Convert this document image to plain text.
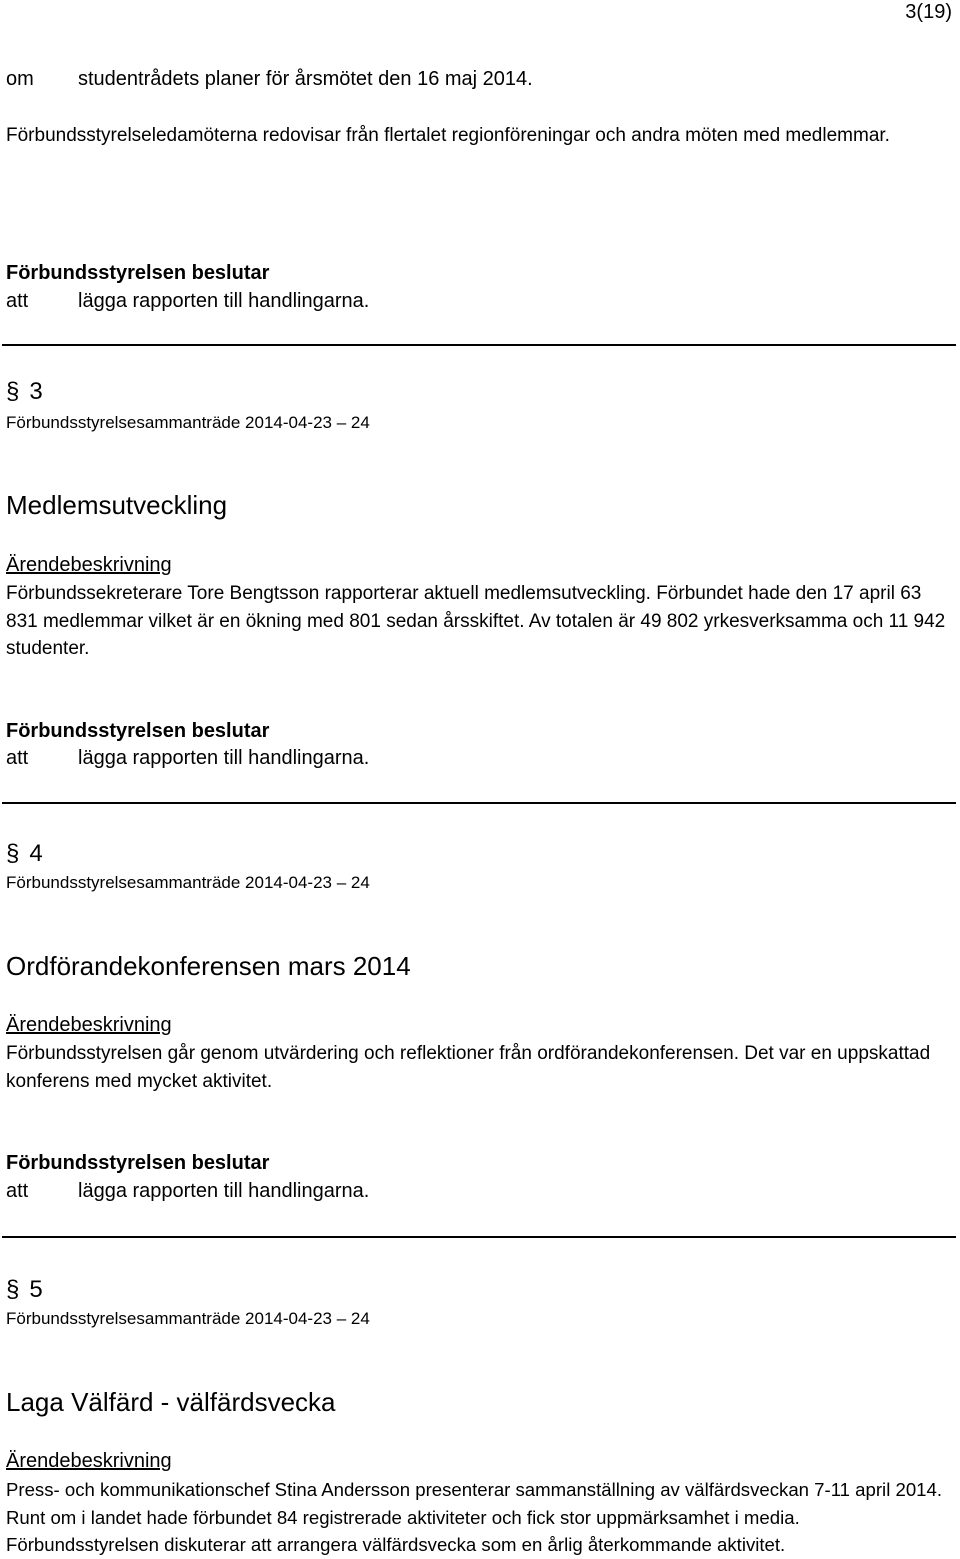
3(19)
om studentrådets planer för årsmötet den 16 maj 2014.
Förbundsstyrelseledamöterna redovisar från flertalet regionföreningar och andra möten med medlemmar.
Förbundsstyrelsen beslutar
att lägga rapporten till handlingarna.
§ 3
Förbundsstyrelsesammanträde 2014-04-23 – 24
Medlemsutveckling
Ärendebeskrivning
Förbundssekreterare Tore Bengtsson rapporterar aktuell medlemsutveckling. Förbundet hade den 17 april 63 831 medlemmar vilket är en ökning med 801 sedan årsskiftet. Av totalen är 49 802 yrkesverksamma och 11 942 studenter.
Förbundsstyrelsen beslutar
att lägga rapporten till handlingarna.
§ 4
Förbundsstyrelsesammanträde 2014-04-23 – 24
Ordförandekonferensen mars 2014
Ärendebeskrivning
Förbundsstyrelsen går genom utvärdering och reflektioner från ordförandekonferensen. Det var en uppskattad konferens med mycket aktivitet.
Förbundsstyrelsen beslutar
att lägga rapporten till handlingarna.
§ 5
Förbundsstyrelsesammanträde 2014-04-23 – 24
Laga Välfärd - välfärdsvecka
Ärendebeskrivning
Press- och kommunikationschef Stina Andersson presenterar sammanställning av välfärdsveckan 7-11 april 2014. Runt om i landet hade förbundet 84 registrerade aktiviteter och fick stor uppmärksamhet i media. Förbundsstyrelsen diskuterar att arrangera välfärdsvecka som en årlig återkommande aktivitet.
